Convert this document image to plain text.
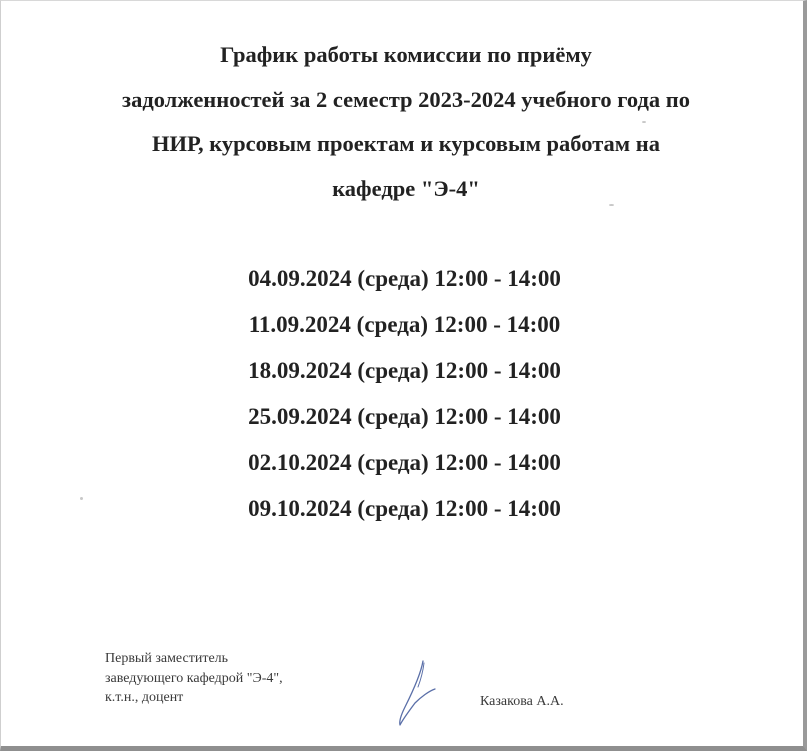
График работы комиссии по приёму
задолженностей за 2 семестр 2023-2024 учебного года по
НИР, курсовым проектам и курсовым работам на
кафедре "Э-4"
04.09.2024 (среда) 12:00 - 14:00
11.09.2024 (среда) 12:00 - 14:00
18.09.2024 (среда) 12:00 - 14:00
25.09.2024 (среда) 12:00 - 14:00
02.10.2024 (среда) 12:00 - 14:00
09.10.2024 (среда) 12:00 - 14:00
Первый заместитель
заведующего кафедрой "Э-4",
к.т.н., доцент	Казакова А.А.
